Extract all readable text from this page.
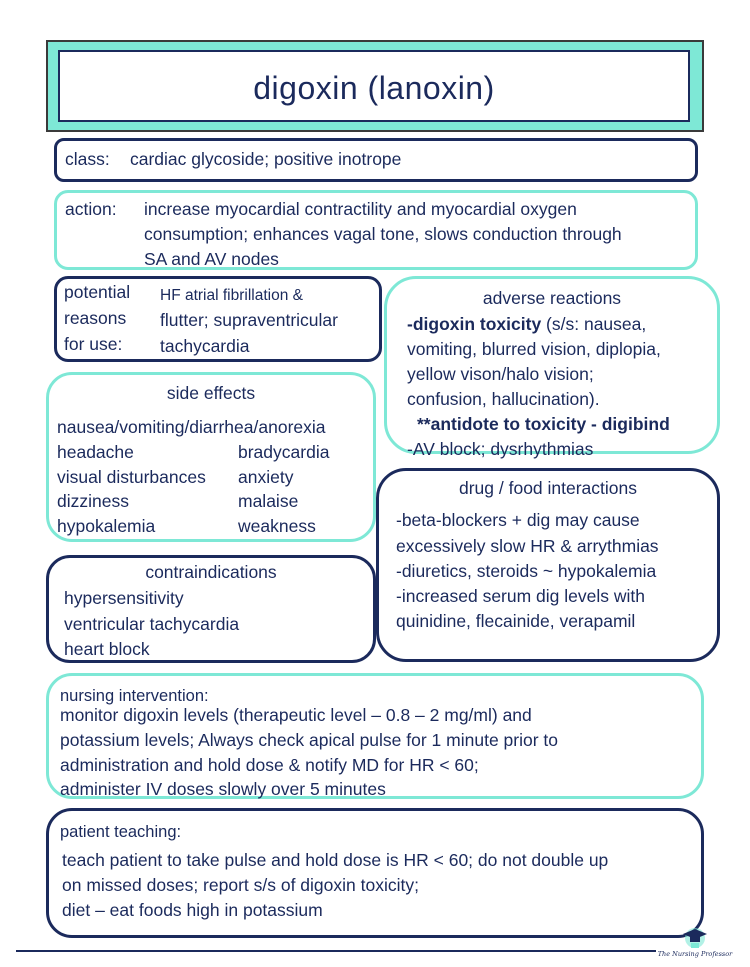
digoxin (lanoxin)
class: cardiac glycoside; positive inotrope
action: increase myocardial contractility and myocardial oxygen
consumption; enhances vagal tone, slows conduction through
SA and AV nodes
potential
reasons
for use:
HF atrial fibrillation &
flutter; supraventricular
tachycardia
adverse reactions
-digoxin toxicity (s/s: nausea,
vomiting, blurred vision, diplopia,
yellow vison/halo vision;
confusion, hallucination).
**antidote to toxicity - digibind
-AV block; dysrhythmias
side effects
nausea/vomiting/diarrhea/anorexia
headache
visual disturbances
dizziness
hypokalemia
bradycardia
anxiety
malaise
weakness
drug / food interactions
-beta-blockers + dig may cause
excessively slow HR & arrythmias
-diuretics, steroids ~ hypokalemia
-increased serum dig levels with
quinidine, flecainide, verapamil
contraindications
hypersensitivity
ventricular tachycardia
heart block
nursing intervention:
monitor digoxin levels (therapeutic level – 0.8 – 2 mg/ml) and
potassium levels; Always check apical pulse for 1 minute prior to
administration and hold dose & notify MD for HR < 60;
administer IV doses slowly over 5 minutes
patient teaching:
teach patient to take pulse and hold dose is HR < 60; do not double up
on missed doses; report s/s of digoxin toxicity;
diet – eat foods high in potassium
The Nursing Professor
